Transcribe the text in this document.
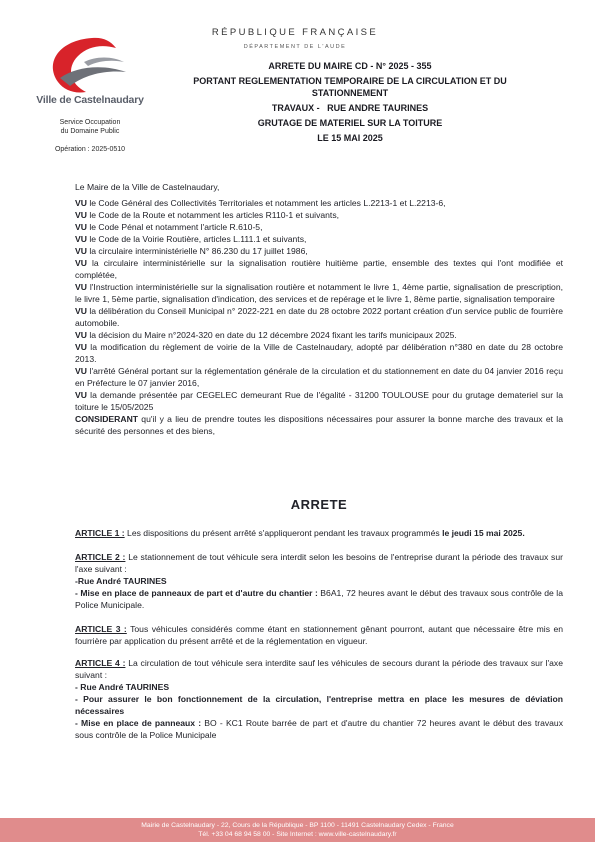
Ville de Castelnaudary
Service Occupation
du Domaine Public
Opération : 2025-0510
RÉPUBLIQUE FRANÇAISE
DÉPARTEMENT DE L'AUDE
ARRETE DU MAIRE CD - N° 2025 - 355
PORTANT REGLEMENTATION TEMPORAIRE DE LA CIRCULATION ET DU
STATIONNEMENT
TRAVAUX -   RUE ANDRE TAURINES
GRUTAGE DE MATERIEL SUR LA TOITURE
LE 15 MAI 2025

Le Maire de la Ville de Castelnaudary,

VU le Code Général des Collectivités Territoriales et notamment les articles L.2213-1 et L.2213-6,

VU le Code de la Route et notamment les articles R110-1 et suivants,

VU le Code Pénal et notamment l'article R.610-5,

VU le Code de la Voirie Routière, articles L.111.1 et suivants,

VU la circulaire interministérielle N° 86.230 du 17 juillet 1986,

VU la circulaire interministérielle sur la signalisation routière huitième partie, ensemble des textes qui l'ont modifiée et complétée,

VU l'Instruction interministérielle sur la signalisation routière et notamment le livre 1, 4ème partie, signalisation de prescription, le livre 1, 5ème partie, signalisation d'indication, des services et de repérage et le livre 1, 8ème partie, signalisation temporaire

VU la délibération du Conseil Municipal n° 2022-221 en date du 28 octobre 2022 portant création d'un service public de fourrière automobile.

VU la décision du Maire n°2024-320 en date du 12 décembre 2024 fixant les tarifs municipaux 2025.

VU la modification du règlement de voirie de la Ville de Castelnaudary, adopté par délibération n°380 en date du 28 octobre 2013.

VU l'arrêté Général portant sur la réglementation générale de la circulation et du stationnement en date du 04 janvier 2016 reçu en Préfecture le 07 janvier 2016,

VU la demande présentée par CEGELEC demeurant Rue de l'égalité - 31200 TOULOUSE pour du grutage demateriel sur la toiture le 15/05/2025

CONSIDERANT qu'il y a lieu de prendre toutes les dispositions nécessaires pour assurer la bonne marche des travaux et la sécurité des personnes et des biens,

ARRETE

ARTICLE 1 : Les dispositions du présent arrêté s'appliqueront pendant les travaux programmés le jeudi 15 mai 2025.

ARTICLE 2 : Le stationnement de tout véhicule sera interdit selon les besoins de l'entreprise durant la période des travaux sur l'axe suivant :

-Rue André TAURINES

- Mise en place de panneaux de part et d'autre du chantier : B6A1, 72 heures avant le début des travaux sous contrôle de la Police Municipale.

ARTICLE 3 : Tous véhicules considérés comme étant en stationnement gênant pourront, autant que nécessaire être mis en fourrière par application du présent arrêté et de la réglementation en vigueur.

ARTICLE 4 : La circulation de tout véhicule sera interdite sauf les véhicules de secours durant la période des travaux sur l'axe suivant :

- Rue André TAURINES

- Pour assurer le bon fonctionnement de la circulation, l'entreprise mettra en place les mesures de déviation nécessaires

- Mise en place de panneaux : BO - KC1 Route barrée de part et d'autre du chantier 72 heures avant le début des travaux sous contrôle de la Police Municipale

Mairie de Castelnaudary - 22, Cours de la République - BP 1100 - 11491 Castelnaudary Cedex - France
Tél. +33 04 68 94 58 00 - Site Internet : www.ville-castelnaudary.fr
